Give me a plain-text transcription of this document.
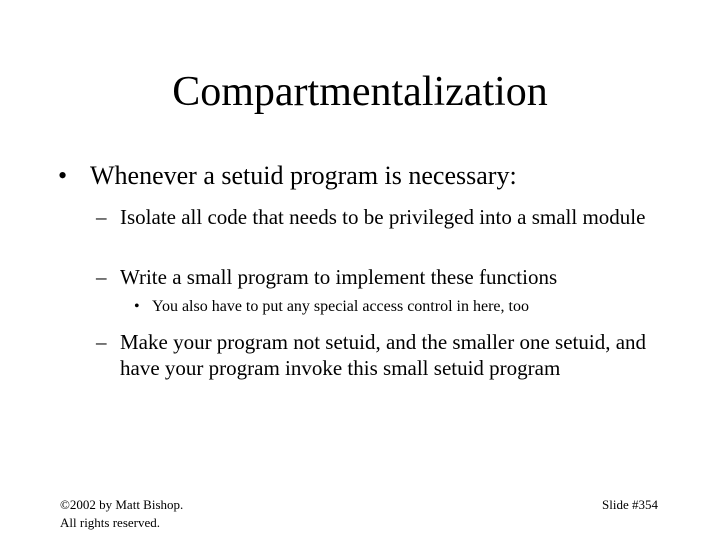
Compartmentalization
• Whenever a setuid program is necessary:
– Isolate all code that needs to be privileged into a small module
– Write a small program to implement these functions
• You also have to put any special access control in here, too
– Make your program not setuid, and the smaller one setuid, and have your program invoke this small setuid program
©2002 by Matt Bishop.
All rights reserved.
Slide #354
